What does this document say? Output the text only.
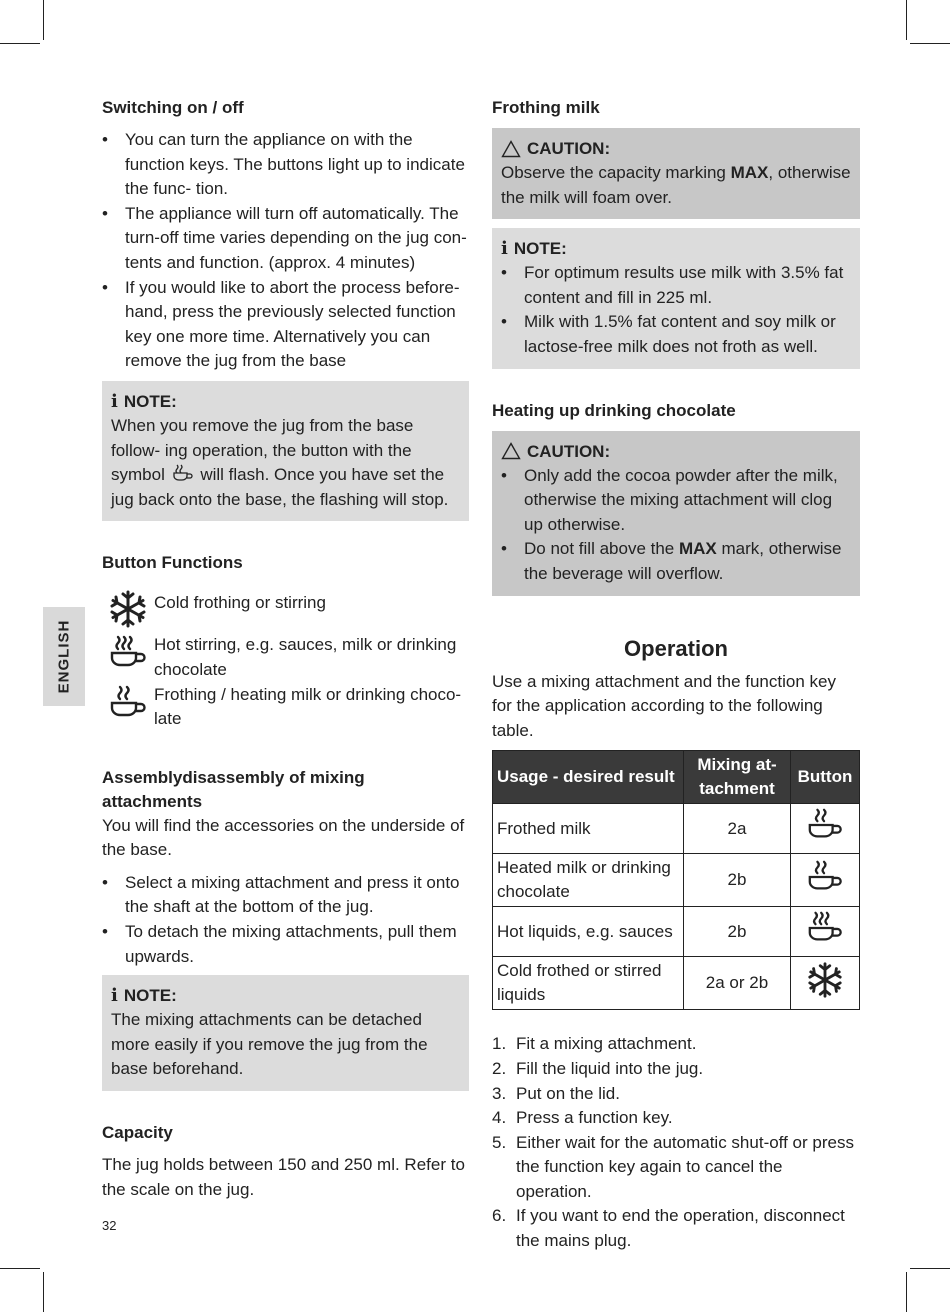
ENGLISH
Switching on / off
• You can turn the appliance on with the function keys. The buttons light up to indicate the func- tion.
• The appliance will turn off automatically. The turn-off time varies depending on the jug con- tents and function. (approx. 4 minutes)
• If you would like to abort the process before- hand, press the previously selected function key one more time. Alternatively you can remove the jug from the base
i NOTE:

When you remove the jug from the base follow- ing operation, the button with the symbol will flash. Once you have set the jug back onto the base, the flashing will stop.

Button Functions
Cold frothing or stirring
Hot stirring, e.g. sauces, milk or drinking chocolate
Frothing / heating milk or drinking choco- late
Assemblydisassembly of mixing attachments

You will find the accessories on the underside of the base.

• Select a mixing attachment and press it onto the shaft at the bottom of the jug.
• To detach the mixing attachments, pull them upwards.
i NOTE:

The mixing attachments can be detached more easily if you remove the jug from the base beforehand.

Capacity

The jug holds between 150 and 250 ml. Refer to the scale on the jug.

Frothing milk
CAUTION:

Observe the capacity marking MAX, otherwise the milk will foam over.

i NOTE:
• For optimum results use milk with 3.5% fat content and fill in 225 ml.
• Milk with 1.5% fat content and soy milk or lactose-free milk does not froth as well.
Heating up drinking chocolate
CAUTION:
• Only add the cocoa powder after the milk, otherwise the mixing attachment will clog up otherwise.
• Do not fill above the MAX mark, otherwise the beverage will overflow.
Operation

Use a mixing attachment and the function key for the application according to the following table.

Usage - desired result	Mixing at- tachment	Button
Frothed milk	2a	
Heated milk or drinking chocolate	2b	
Hot liquids, e.g. sauces	2b	
Cold frothed or stirred liquids	2a or 2b	
1. Fit a mixing attachment.
2. Fill the liquid into the jug.
3. Put on the lid.
4. Press a function key.
5. Either wait for the automatic shut-off or press the function key again to cancel the operation.
6. If you want to end the operation, disconnect the mains plug.
32
